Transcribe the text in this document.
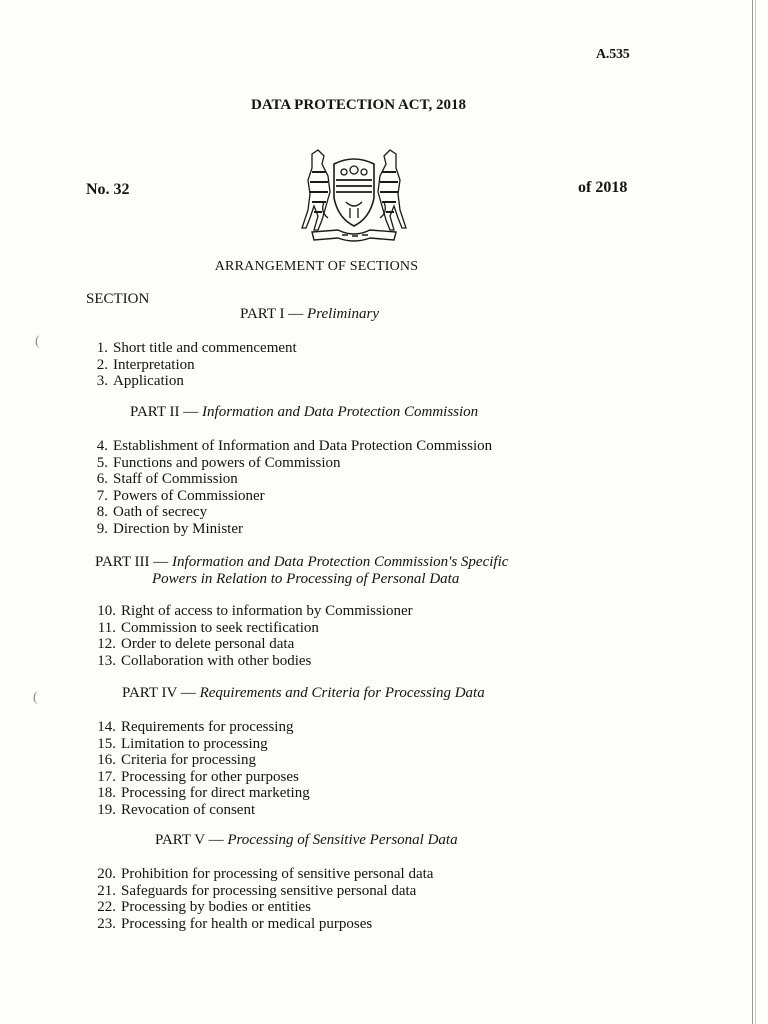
(
(
A.535
DATA PROTECTION ACT, 2018
No. 32	of 2018
ARRANGEMENT OF SECTIONS
SECTION
PART I — Preliminary
1. Short title and commencement
2. Interpretation
3. Application
PART II — Information and Data Protection Commission
4. Establishment of Information and Data Protection Commission
5. Functions and powers of Commission
6. Staff of Commission
7. Powers of Commissioner
8. Oath of secrecy
9. Direction by Minister
PART III — Information and Data Protection Commission's Specific
Powers in Relation to Processing of Personal Data
10. Right of access to information by Commissioner
11. Commission to seek rectification
12. Order to delete personal data
13. Collaboration with other bodies
PART IV — Requirements and Criteria for Processing Data
14. Requirements for processing
15. Limitation to processing
16. Criteria for processing
17. Processing for other purposes
18. Processing for direct marketing
19. Revocation of consent
PART V — Processing of Sensitive Personal Data
20. Prohibition for processing of sensitive personal data
21. Safeguards for processing sensitive personal data
22. Processing by bodies or entities
23. Processing for health or medical purposes
